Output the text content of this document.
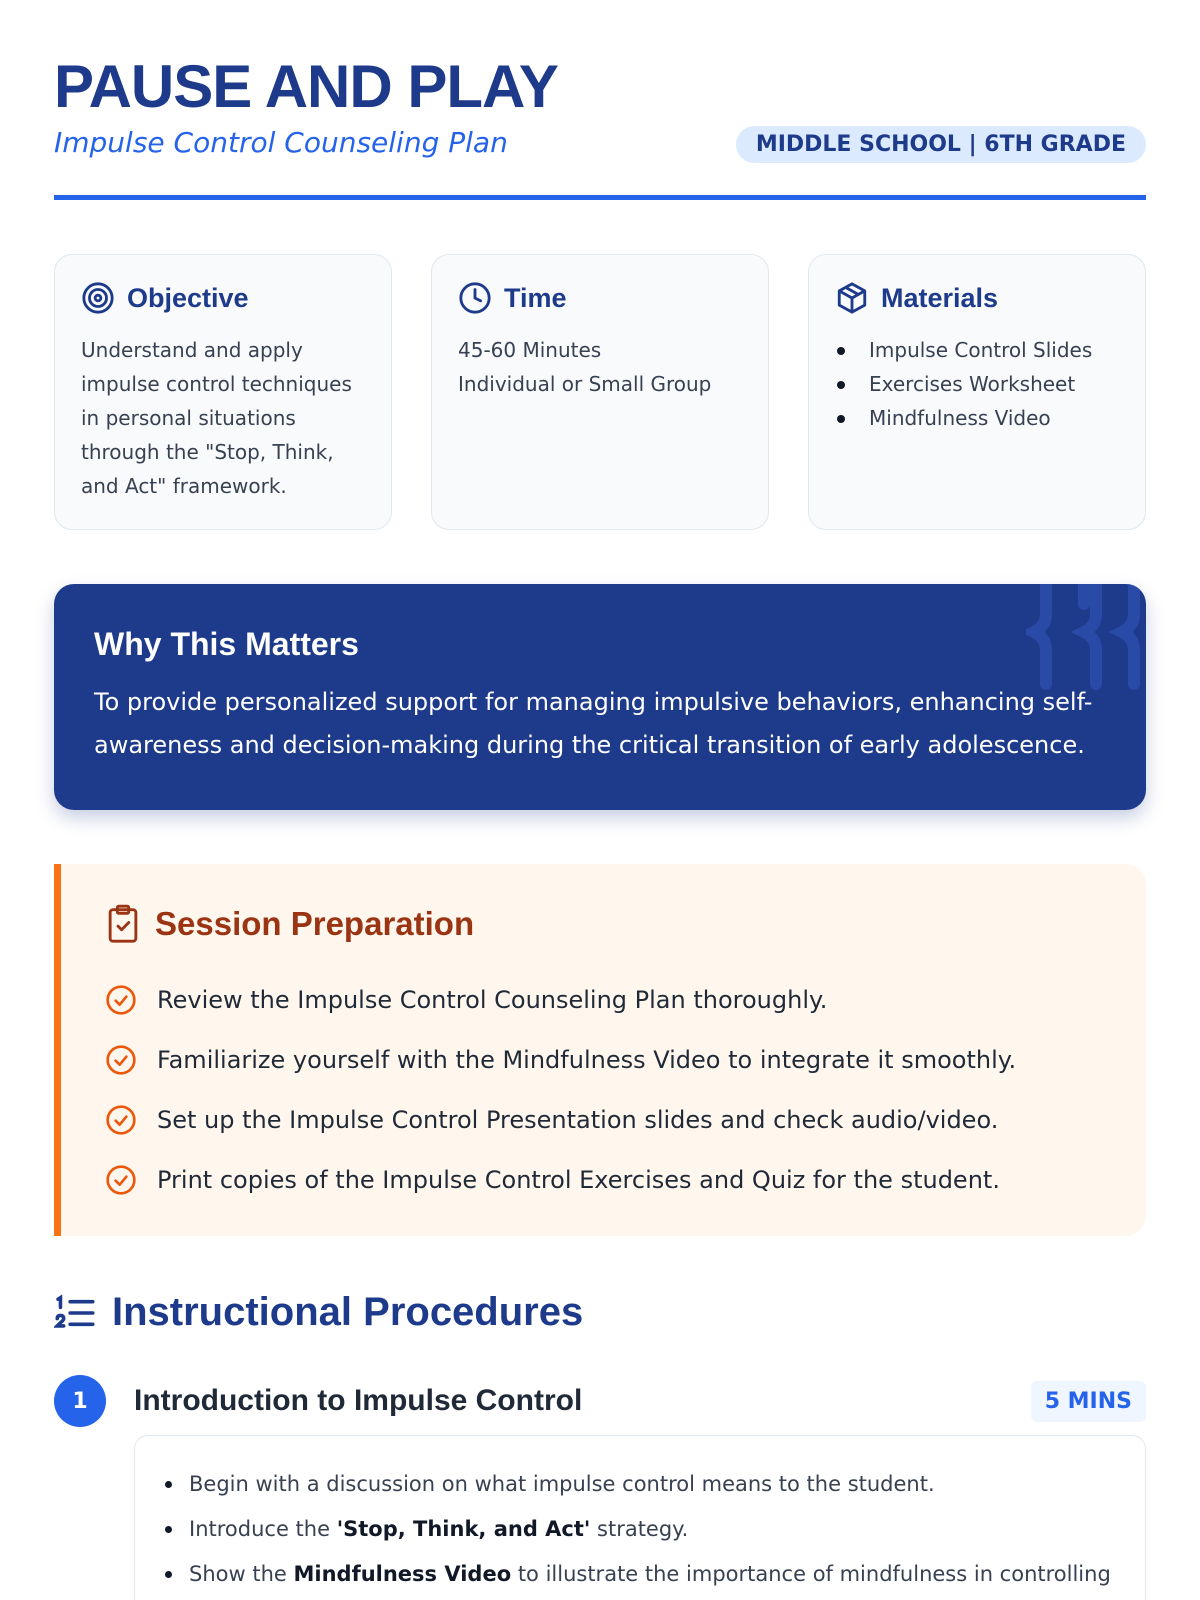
PAUSE AND PLAY
Impulse Control Counseling Plan	MIDDLE SCHOOL | 6TH GRADE
Objective
Understand and apply impulse control techniques in personal situations through the "Stop, Think, and Act" framework.
Time
45-60 Minutes
Individual or Small Group
Materials
Impulse Control Slides
Exercises Worksheet
Mindfulness Video
Why This Matters

To provide personalized support for managing impulsive behaviors, enhancing self-awareness and decision-making during the critical transition of early adolescence.

Session Preparation
Review the Impulse Control Counseling Plan thoroughly.
Familiarize yourself with the Mindfulness Video to integrate it smoothly.
Set up the Impulse Control Presentation slides and check audio/video.
Print copies of the Impulse Control Exercises and Quiz for the student.
Instructional Procedures
1	Introduction to Impulse Control	5 MINS
Begin with a discussion on what impulse control means to the student.
Introduce the 'Stop, Think, and Act' strategy.
Show the Mindfulness Video to illustrate the importance of mindfulness in controlling
